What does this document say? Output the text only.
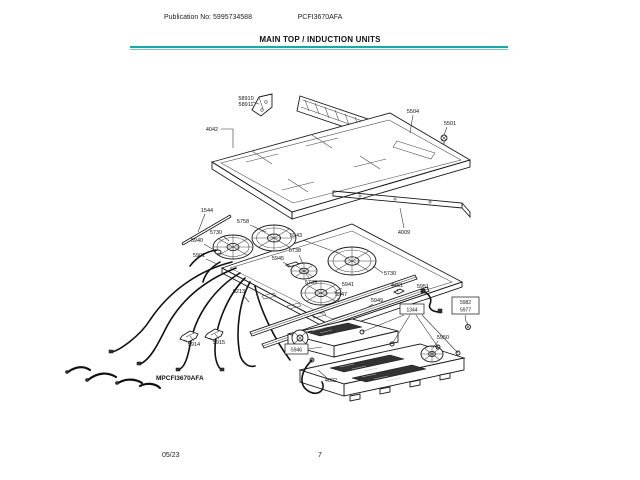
Publication No: 5995734588	PCFI3670AFA
MAIN TOP / INDUCTION UNITS
58910
58911
4042
5504
5501
4009
1544
5758
5730
5940
5901
5943
5738
5945
5739
5730
5213
5941
5947
5949
4461	5951
1344
5982
5977
5946
4002
5914 5915
5950
MPCFI3670AFA
05/23	7
